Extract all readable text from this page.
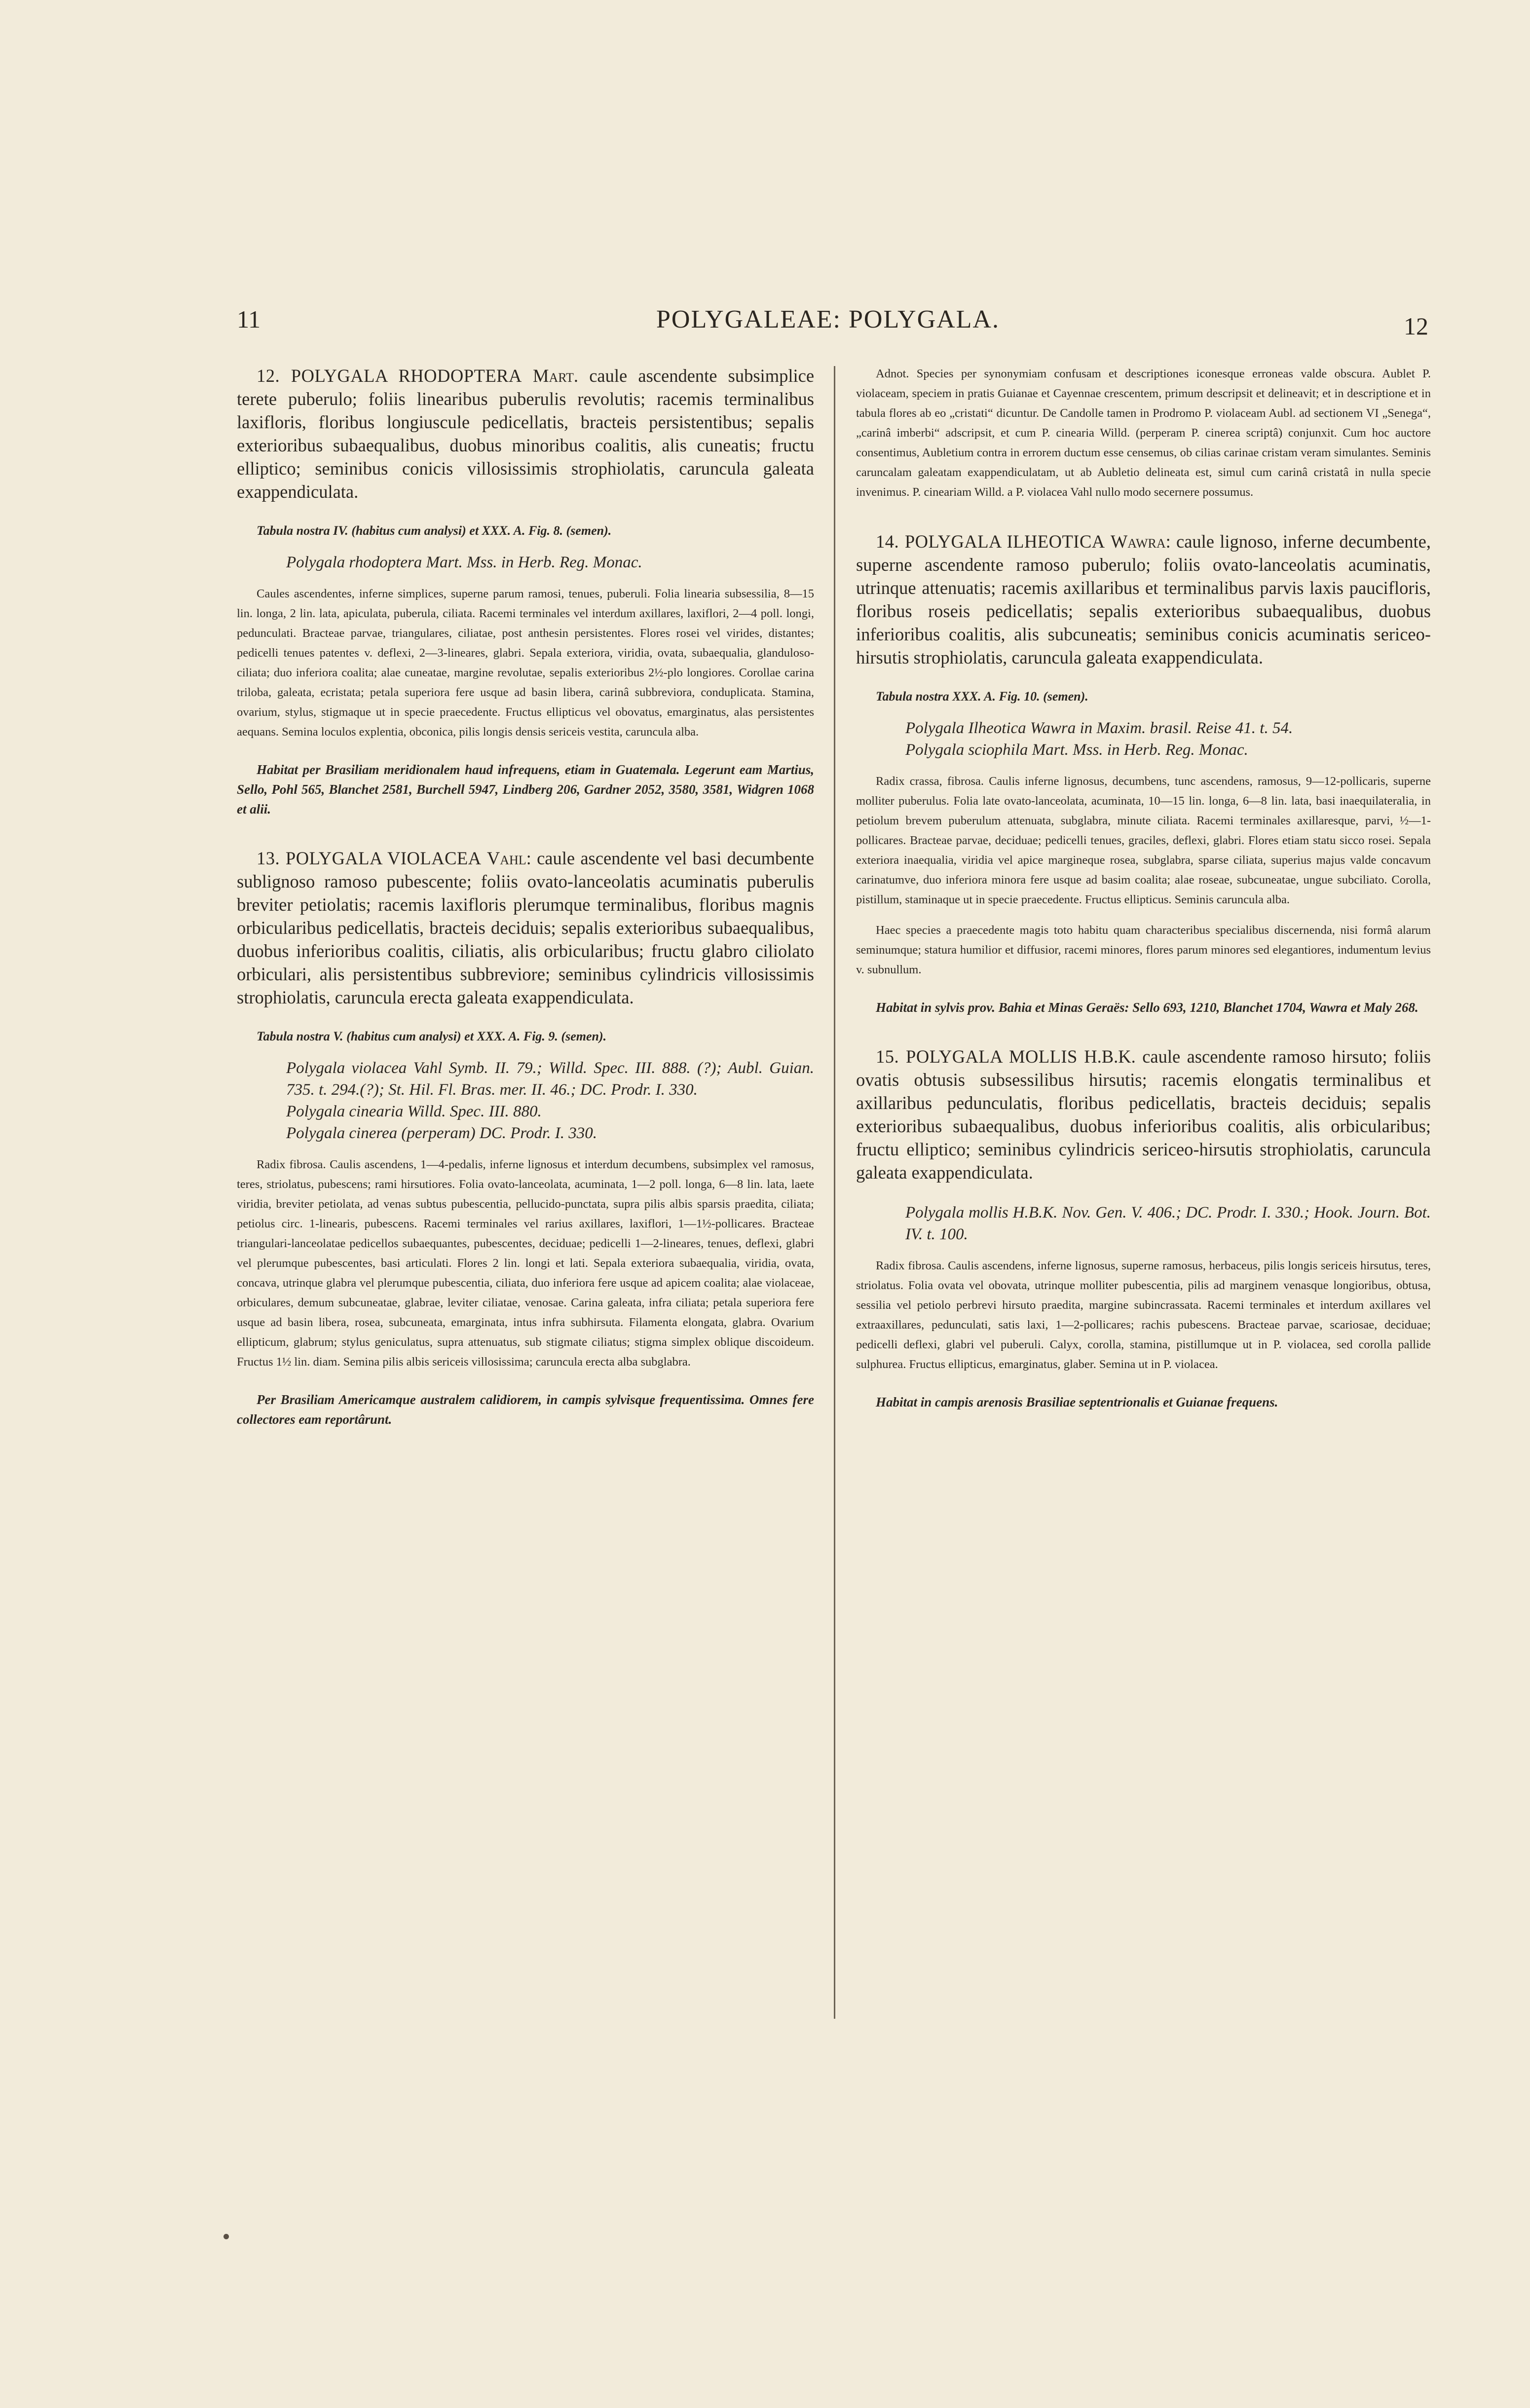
11	POLYGALEAE: POLYGALA.	12

12. POLYGALA RHODOPTERA Mart. caule ascendente subsimplice terete puberulo; foliis linearibus puberulis revolutis; racemis terminalibus laxifloris, floribus longiuscule pedicellatis, bracteis persistentibus; sepalis exterioribus subaequalibus, duobus minoribus coalitis, alis cuneatis; fructu elliptico; seminibus conicis villosissimis strophiolatis, caruncula galeata exappendiculata.

Tabula nostra IV. (habitus cum analysi) et XXX. A. Fig. 8. (semen).

Polygala rhodoptera Mart. Mss. in Herb. Reg. Monac.

Caules ascendentes, inferne simplices, superne parum ramosi, tenues, puberuli. Folia linearia subsessilia, 8—15 lin. longa, 2 lin. lata, apiculata, puberula, ciliata. Racemi terminales vel interdum axillares, laxiflori, 2—4 poll. longi, pedunculati. Bracteae parvae, triangulares, ciliatae, post anthesin persistentes. Flores rosei vel virides, distantes; pedicelli tenues patentes v. deflexi, 2—3-lineares, glabri. Sepala exteriora, viridia, ovata, subaequalia, glanduloso-ciliata; duo inferiora coalita; alae cuneatae, margine revolutae, sepalis exterioribus 2½-plo longiores. Corollae carina triloba, galeata, ecristata; petala superiora fere usque ad basin libera, carinâ subbreviora, conduplicata. Stamina, ovarium, stylus, stigmaque ut in specie praecedente. Fructus ellipticus vel obovatus, emarginatus, alas persistentes aequans. Semina loculos explentia, obconica, pilis longis densis sericeis vestita, caruncula alba.

Habitat per Brasiliam meridionalem haud infrequens, etiam in Guatemala. Legerunt eam Martius, Sello, Pohl 565, Blanchet 2581, Burchell 5947, Lindberg 206, Gardner 2052, 3580, 3581, Widgren 1068 et alii.

13. POLYGALA VIOLACEA Vahl: caule ascendente vel basi decumbente sublignoso ramoso pubescente; foliis ovato-lanceolatis acuminatis puberulis breviter petiolatis; racemis laxifloris plerumque terminalibus, floribus magnis orbicularibus pedicellatis, bracteis deciduis; sepalis exterioribus subaequalibus, duobus inferioribus coalitis, ciliatis, alis orbicularibus; fructu glabro ciliolato orbiculari, alis persistentibus subbreviore; seminibus cylindricis villosissimis strophiolatis, caruncula erecta galeata exappendiculata.

Tabula nostra V. (habitus cum analysi) et XXX. A. Fig. 9. (semen).

Polygala violacea Vahl Symb. II. 79.; Willd. Spec. III. 888. (?); Aubl. Guian. 735. t. 294.(?); St. Hil. Fl. Bras. mer. II. 46.; DC. Prodr. I. 330.

Polygala cinearia Willd. Spec. III. 880.

Polygala cinerea (perperam) DC. Prodr. I. 330.

Radix fibrosa. Caulis ascendens, 1—4-pedalis, inferne lignosus et interdum decumbens, subsimplex vel ramosus, teres, striolatus, pubescens; rami hirsutiores. Folia ovato-lanceolata, acuminata, 1—2 poll. longa, 6—8 lin. lata, laete viridia, breviter petiolata, ad venas subtus pubescentia, pellucido-punctata, supra pilis albis sparsis praedita, ciliata; petiolus circ. 1-linearis, pubescens. Racemi terminales vel rarius axillares, laxiflori, 1—1½-pollicares. Bracteae triangulari-lanceolatae pedicellos subaequantes, pubescentes, deciduae; pedicelli 1—2-lineares, tenues, deflexi, glabri vel plerumque pubescentes, basi articulati. Flores 2 lin. longi et lati. Sepala exteriora subaequalia, viridia, ovata, concava, utrinque glabra vel plerumque pubescentia, ciliata, duo inferiora fere usque ad apicem coalita; alae violaceae, orbiculares, demum subcuneatae, glabrae, leviter ciliatae, venosae. Carina galeata, infra ciliata; petala superiora fere usque ad basin libera, rosea, subcuneata, emarginata, intus infra subhirsuta. Filamenta elongata, glabra. Ovarium ellipticum, glabrum; stylus geniculatus, supra attenuatus, sub stigmate ciliatus; stigma simplex oblique discoideum. Fructus 1½ lin. diam. Semina pilis albis sericeis villosissima; caruncula erecta alba subglabra.

Per Brasiliam Americamque australem calidiorem, in campis sylvisque frequentissima. Omnes fere collectores eam reportârunt.

Adnot. Species per synonymiam confusam et descriptiones iconesque erroneas valde obscura. Aublet P. violaceam, speciem in pratis Guianae et Cayennae crescentem, primum descripsit et delineavit; et in descriptione et in tabula flores ab eo „cristati“ dicuntur. De Candolle tamen in Prodromo P. violaceam Aubl. ad sectionem VI „Senega“, „carinâ imberbi“ adscripsit, et cum P. cinearia Willd. (perperam P. cinerea scriptâ) conjunxit. Cum hoc auctore consentimus, Aubletium contra in errorem ductum esse censemus, ob cilias carinae cristam veram simulantes. Seminis caruncalam galeatam exappendiculatam, ut ab Aubletio delineata est, simul cum carinâ cristatâ in nulla specie invenimus. P. cineariam Willd. a P. violacea Vahl nullo modo secernere possumus.

14. POLYGALA ILHEOTICA Wawra: caule lignoso, inferne decumbente, superne ascendente ramoso puberulo; foliis ovato-lanceolatis acuminatis, utrinque attenuatis; racemis axillaribus et terminalibus parvis laxis paucifloris, floribus roseis pedicellatis; sepalis exterioribus subaequalibus, duobus inferioribus coalitis, alis subcuneatis; seminibus conicis acuminatis sericeo-hirsutis strophiolatis, caruncula galeata exappendiculata.

Tabula nostra XXX. A. Fig. 10. (semen).

Polygala Ilheotica Wawra in Maxim. brasil. Reise 41. t. 54.

Polygala sciophila Mart. Mss. in Herb. Reg. Monac.

Radix crassa, fibrosa. Caulis inferne lignosus, decumbens, tunc ascendens, ramosus, 9—12-pollicaris, superne molliter puberulus. Folia late ovato-lanceolata, acuminata, 10—15 lin. longa, 6—8 lin. lata, basi inaequilateralia, in petiolum brevem puberulum attenuata, subglabra, minute ciliata. Racemi terminales axillaresque, parvi, ½—1-pollicares. Bracteae parvae, deciduae; pedicelli tenues, graciles, deflexi, glabri. Flores etiam statu sicco rosei. Sepala exteriora inaequalia, viridia vel apice margineque rosea, subglabra, sparse ciliata, superius majus valde concavum carinatumve, duo inferiora minora fere usque ad basim coalita; alae roseae, subcuneatae, ungue subciliato. Corolla, pistillum, staminaque ut in specie praecedente. Fructus ellipticus. Seminis caruncula alba.

Haec species a praecedente magis toto habitu quam characteribus specialibus discernenda, nisi formâ alarum seminumque; statura humilior et diffusior, racemi minores, flores parum minores sed elegantiores, indumentum levius v. subnullum.

Habitat in sylvis prov. Bahia et Minas Geraës: Sello 693, 1210, Blanchet 1704, Wawra et Maly 268.

15. POLYGALA MOLLIS H.B.K. caule ascendente ramoso hirsuto; foliis ovatis obtusis subsessilibus hirsutis; racemis elongatis terminalibus et axillaribus pedunculatis, floribus pedicellatis, bracteis deciduis; sepalis exterioribus subaequalibus, duobus inferioribus coalitis, alis orbicularibus; fructu elliptico; seminibus cylindricis sericeo-hirsutis strophiolatis, caruncula galeata exappendiculata.

Polygala mollis H.B.K. Nov. Gen. V. 406.; DC. Prodr. I. 330.; Hook. Journ. Bot. IV. t. 100.

Radix fibrosa. Caulis ascendens, inferne lignosus, superne ramosus, herbaceus, pilis longis sericeis hirsutus, teres, striolatus. Folia ovata vel obovata, utrinque molliter pubescentia, pilis ad marginem venasque longioribus, obtusa, sessilia vel petiolo perbrevi hirsuto praedita, margine subincrassata. Racemi terminales et interdum axillares vel extraaxillares, pedunculati, satis laxi, 1—2-pollicares; rachis pubescens. Bracteae parvae, scariosae, deciduae; pedicelli deflexi, glabri vel puberuli. Calyx, corolla, stamina, pistillumque ut in P. violacea, sed corolla pallide sulphurea. Fructus ellipticus, emarginatus, glaber. Semina ut in P. violacea.

Habitat in campis arenosis Brasiliae septentrionalis et Guianae frequens.
